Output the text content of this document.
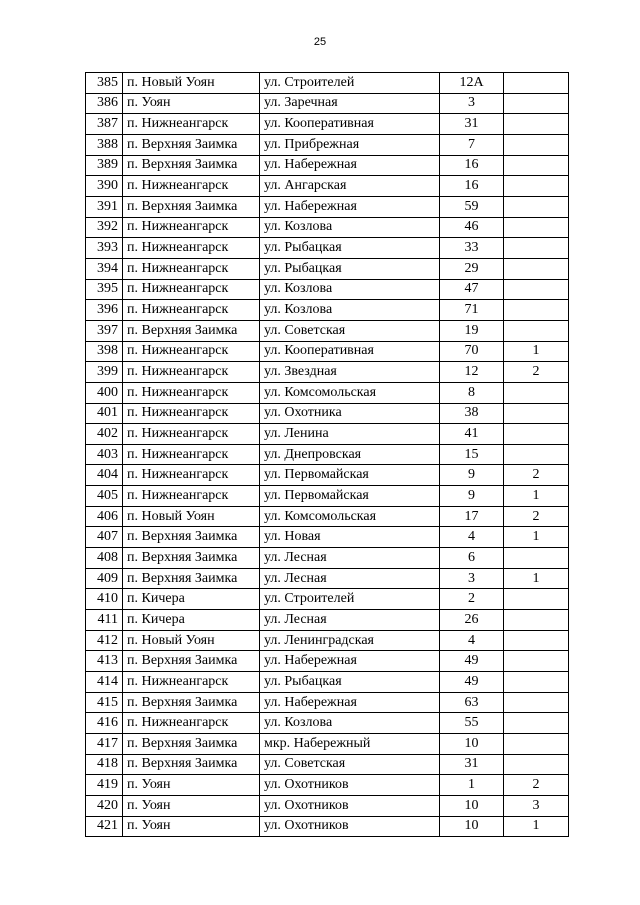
25
385	п. Новый Уоян	ул. Строителей	12А	
386	п. Уоян	ул. Заречная	3	
387	п. Нижнеангарск	ул. Кооперативная	31	
388	п. Верхняя Заимка	ул. Прибрежная	7	
389	п. Верхняя Заимка	ул. Набережная	16	
390	п. Нижнеангарск	ул. Ангарская	16	
391	п. Верхняя Заимка	ул. Набережная	59	
392	п. Нижнеангарск	ул. Козлова	46	
393	п. Нижнеангарск	ул. Рыбацкая	33	
394	п. Нижнеангарск	ул. Рыбацкая	29	
395	п. Нижнеангарск	ул. Козлова	47	
396	п. Нижнеангарск	ул. Козлова	71	
397	п. Верхняя Заимка	ул. Советская	19	
398	п. Нижнеангарск	ул. Кооперативная	70	1
399	п. Нижнеангарск	ул. Звездная	12	2
400	п. Нижнеангарск	ул. Комсомольская	8	
401	п. Нижнеангарск	ул. Охотника	38	
402	п. Нижнеангарск	ул. Ленина	41	
403	п. Нижнеангарск	ул. Днепровская	15	
404	п. Нижнеангарск	ул. Первомайская	9	2
405	п. Нижнеангарск	ул. Первомайская	9	1
406	п. Новый Уоян	ул. Комсомольская	17	2
407	п. Верхняя Заимка	ул. Новая	4	1
408	п. Верхняя Заимка	ул. Лесная	6	
409	п. Верхняя Заимка	ул. Лесная	3	1
410	п. Кичера	ул. Строителей	2	
411	п. Кичера	ул. Лесная	26	
412	п. Новый Уоян	ул. Ленинградская	4	
413	п. Верхняя Заимка	ул. Набережная	49	
414	п. Нижнеангарск	ул. Рыбацкая	49	
415	п. Верхняя Заимка	ул. Набережная	63	
416	п. Нижнеангарск	ул. Козлова	55	
417	п. Верхняя Заимка	мкр. Набережный	10	
418	п. Верхняя Заимка	ул. Советская	31	
419	п. Уоян	ул. Охотников	1	2
420	п. Уоян	ул. Охотников	10	3
421	п. Уоян	ул. Охотников	10	1
